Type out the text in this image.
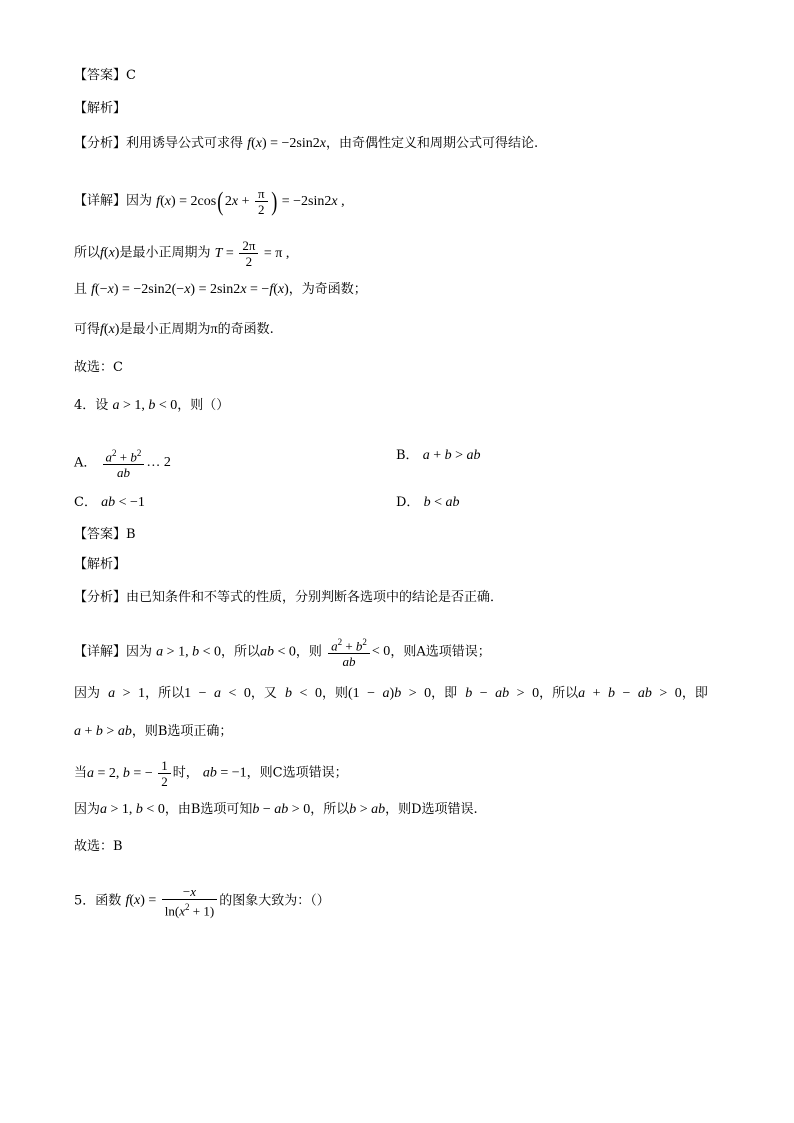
【答案】C
【解析】
【分析】利用诱导公式可求得 f(x) = −2sin2x，由奇偶性定义和周期公式可得结论.
【详解】因为 $f(x) = 2\cos(2x + \frac{\pi}{2}$ ) = −2sin2x ,
所以f(x)是最小正周期为 $T = \frac{2\pi}{2} = \pi$ ,
且 f(−x) = −2sin2(−x) = 2sin2x = −f(x)，为奇函数；
可得f(x)是最小正周期为π的奇函数.
故选：C
4．设 a > 1, b < 0，则（）
A． $\frac{a^2 + b^2}{ab}$ … 2	B． a + b > ab
C． ab < −1	D． b < ab
【答案】B
【解析】
【分析】由已知条件和不等式的性质，分别判断各选项中的结论是否正确．
【详解】因为 a > 1, b < 0，所以ab < 0，则 $\frac{a^2 + b^2}{ab} < 0$，则A选项错误；
因为 a > 1，所以1 − a < 0，又 b < 0，则(1 − a)b > 0，即 b − ab > 0，所以a + b − ab > 0，即
a + b > ab，则B选项正确；
当a = 2, b = − $\frac{1}{2}$ 时， ab = −1，则C选项错误；
因为a > 1, b < 0，由B选项可知b − ab > 0，所以b > ab，则D选项错误.
故选：B
5．函数 $f(x) = \frac{-x}{\ln(x^2 + 1)}$ 的图象大致为：（）
